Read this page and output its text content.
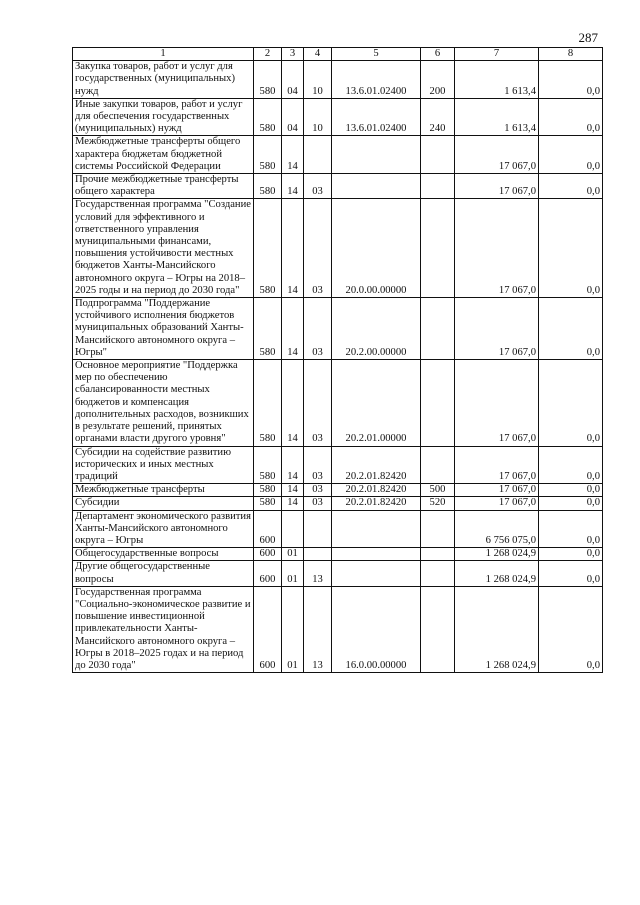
287
1	2	3	4	5	6	7	8
Закупка товаров, работ и услуг для государственных (муниципальных) нужд	580	04	10	13.6.01.02400	200	1 613,4	0,0
Иные закупки товаров, работ и услуг для обеспечения государственных (муниципальных) нужд	580	04	10	13.6.01.02400	240	1 613,4	0,0
Межбюджетные трансферты общего характера бюджетам бюджетной системы Российской Федерации	580	14				17 067,0	0,0
Прочие межбюджетные трансферты общего характера	580	14	03			17 067,0	0,0
Государственная программа "Создание условий для эффективного и ответственного управления муниципальными финансами, повышения устойчивости местных бюджетов Ханты-Мансийского автономного округа – Югры на 2018–2025 годы и на период до 2030 года"	580	14	03	20.0.00.00000		17 067,0	0,0
Подпрограмма "Поддержание устойчивого исполнения бюджетов муниципальных образований Ханты-Мансийского автономного округа – Югры"	580	14	03	20.2.00.00000		17 067,0	0,0
Основное мероприятие "Поддержка мер по обеспечению сбалансированности местных бюджетов и компенсация дополнительных расходов, возникших в результате решений, принятых органами власти другого уровня"	580	14	03	20.2.01.00000		17 067,0	0,0
Субсидии на содействие развитию исторических и иных местных традиций	580	14	03	20.2.01.82420		17 067,0	0,0
Межбюджетные трансферты	580	14	03	20.2.01.82420	500	17 067,0	0,0
Субсидии	580	14	03	20.2.01.82420	520	17 067,0	0,0
Департамент экономического развития Ханты-Мансийского автономного округа – Югры	600					6 756 075,0	0,0
Общегосударственные вопросы	600	01				1 268 024,9	0,0
Другие общегосударственные вопросы	600	01	13			1 268 024,9	0,0
Государственная программа "Социально-экономическое развитие и повышение инвестиционной привлекательности Ханты-Мансийского автономного округа – Югры в 2018–2025 годах и на период до 2030 года"	600	01	13	16.0.00.00000		1 268 024,9	0,0
